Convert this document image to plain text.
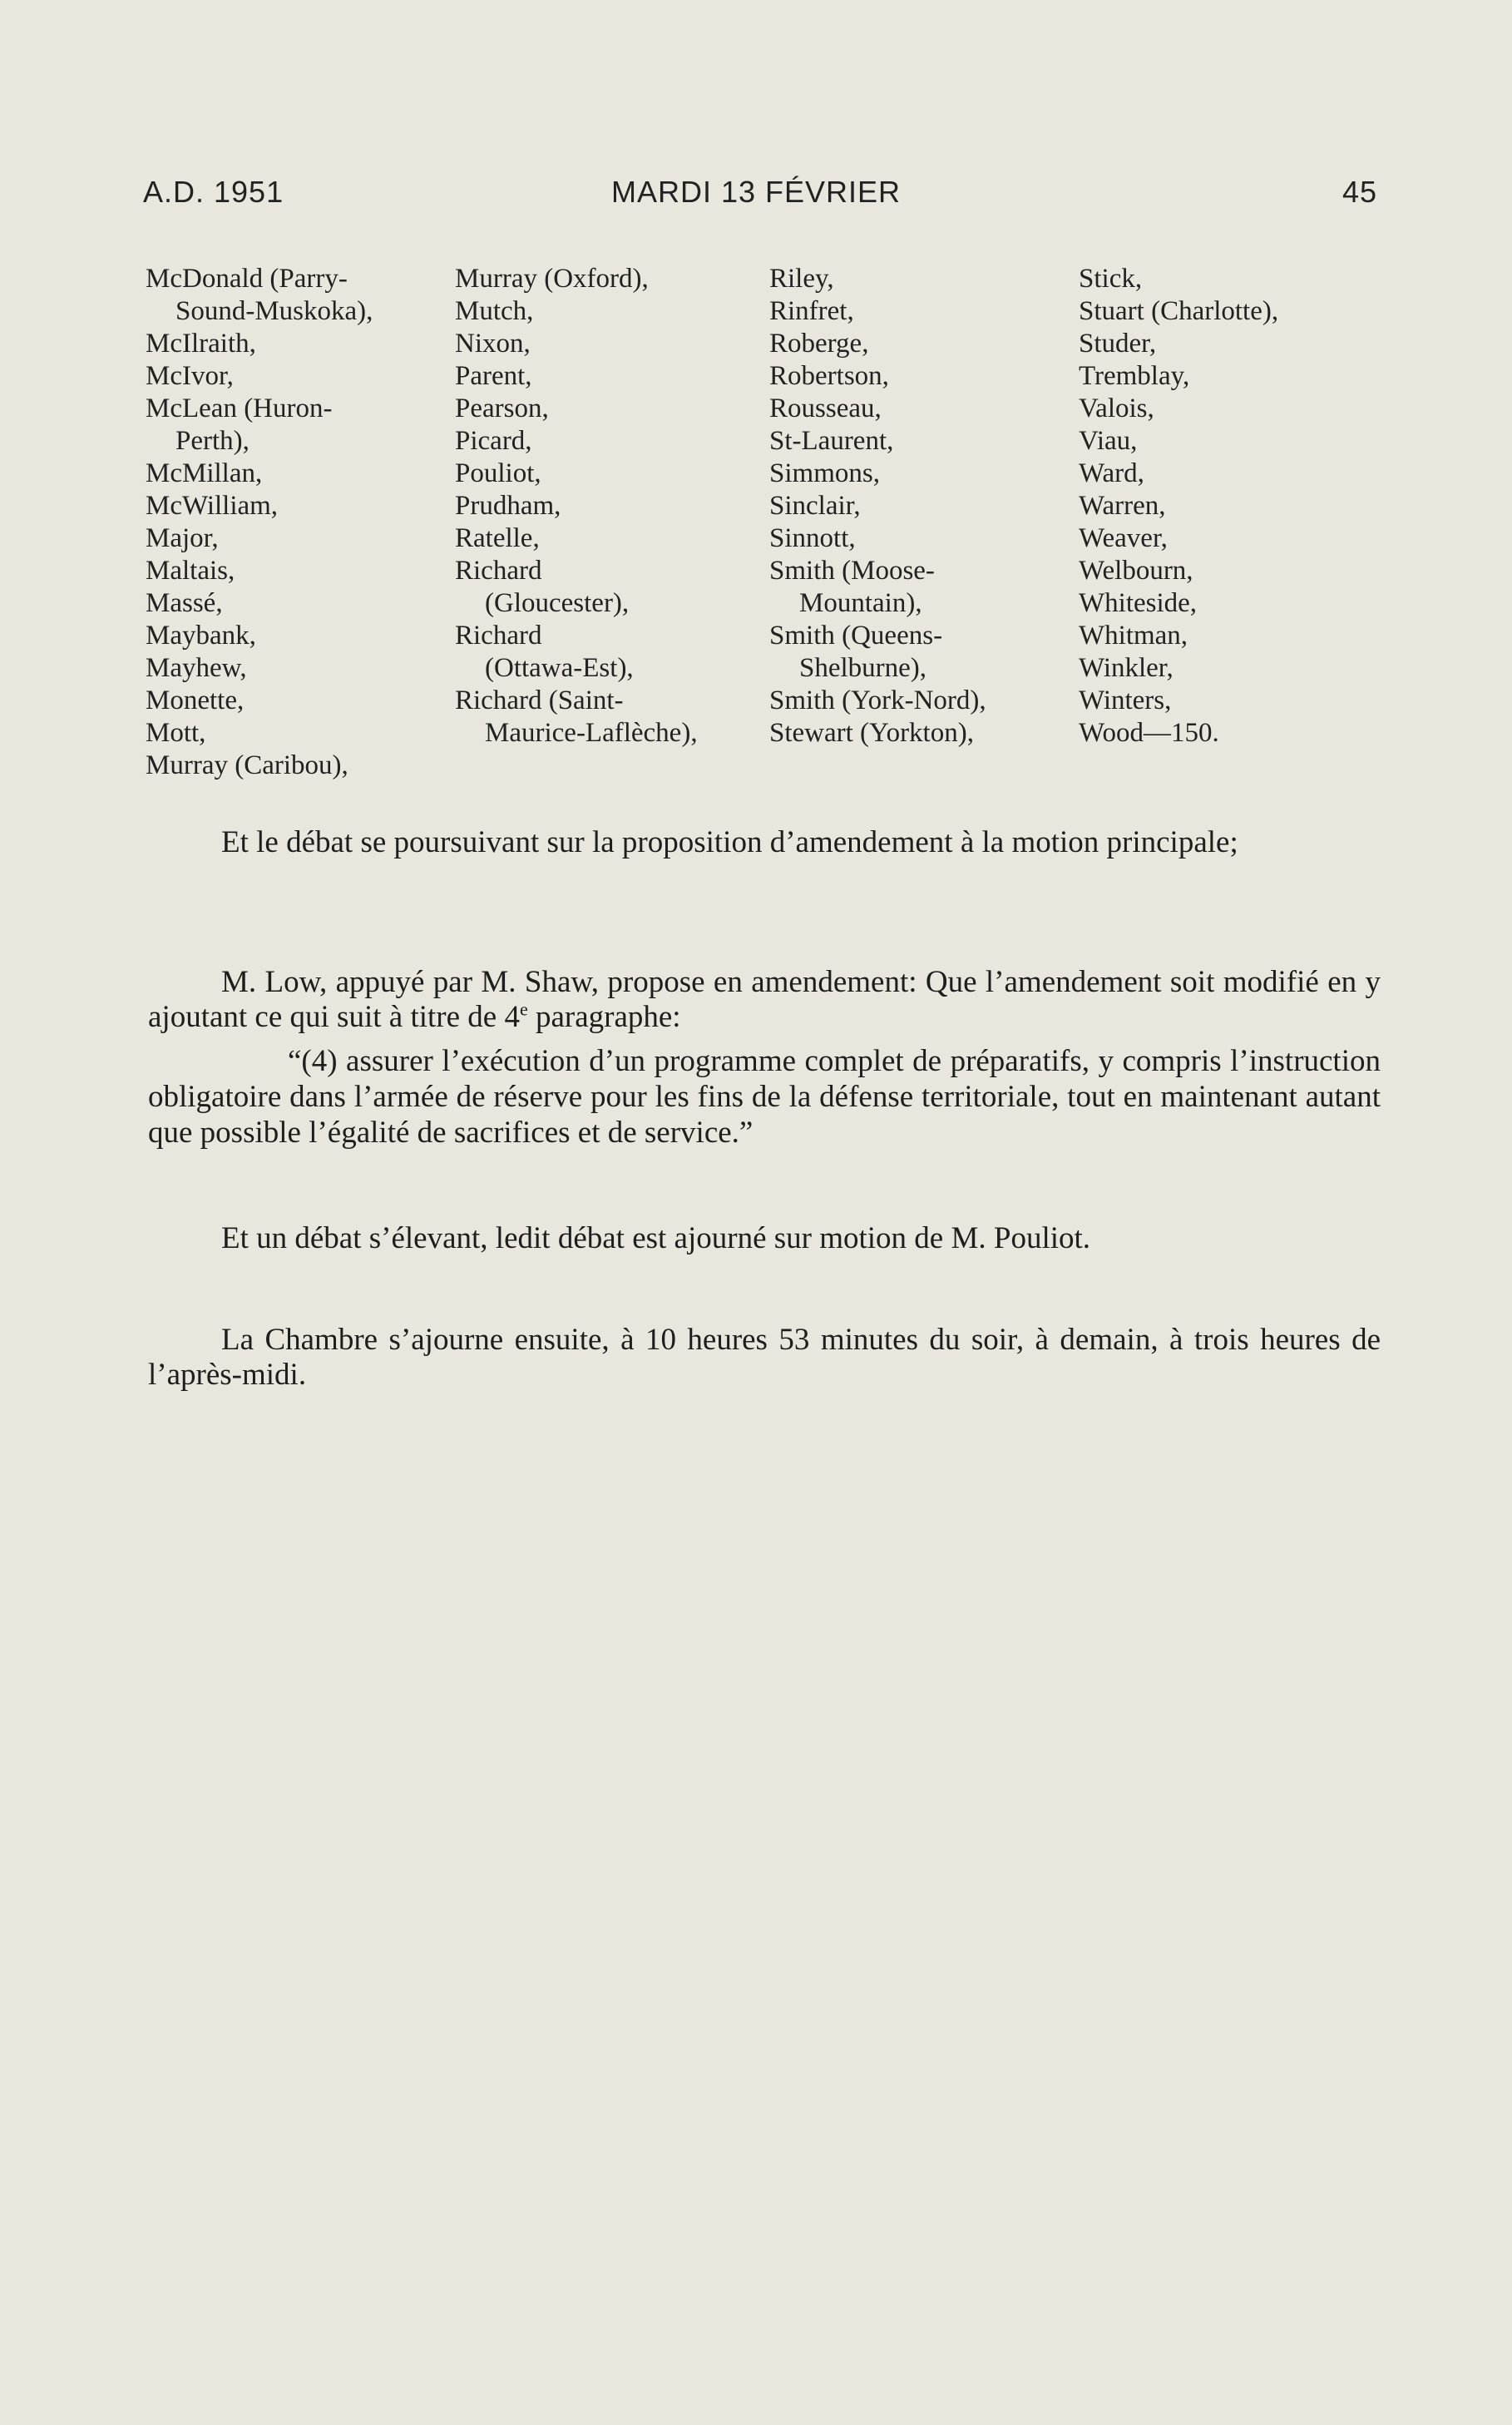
A.D. 1951	MARDI 13 FÉVRIER	45
McDonald (Parry-
Sound-Muskoka),
McIlraith,
McIvor,
McLean (Huron-
Perth),
McMillan,
McWilliam,
Major,
Maltais,
Massé,
Maybank,
Mayhew,
Monette,
Mott,
Murray (Caribou),
Murray (Oxford),
Mutch,
Nixon,
Parent,
Pearson,
Picard,
Pouliot,
Prudham,
Ratelle,
Richard
(Gloucester),
Richard
(Ottawa-Est),
Richard (Saint-
Maurice-Laflèche),
Riley,
Rinfret,
Roberge,
Robertson,
Rousseau,
St-Laurent,
Simmons,
Sinclair,
Sinnott,
Smith (Moose-
Mountain),
Smith (Queens-
Shelburne),
Smith (York-Nord),
Stewart (Yorkton),
Stick,
Stuart (Charlotte),
Studer,
Tremblay,
Valois,
Viau,
Ward,
Warren,
Weaver,
Welbourn,
Whiteside,
Whitman,
Winkler,
Winters,
Wood—150.

Et le débat se poursuivant sur la proposition d’amendement à la motion principale;

M. Low, appuyé par M. Shaw, propose en amendement: Que l’amendement soit modifié en y ajoutant ce qui suit à titre de 4e paragraphe:

“(4) assurer l’exécution d’un programme complet de préparatifs, y compris l’instruction obligatoire dans l’armée de réserve pour les fins de la défense territoriale, tout en maintenant autant que possible l’égalité de sacrifices et de service.”

Et un débat s’élevant, ledit débat est ajourné sur motion de M. Pouliot.

La Chambre s’ajourne ensuite, à 10 heures 53 minutes du soir, à demain, à trois heures de l’après-midi.
